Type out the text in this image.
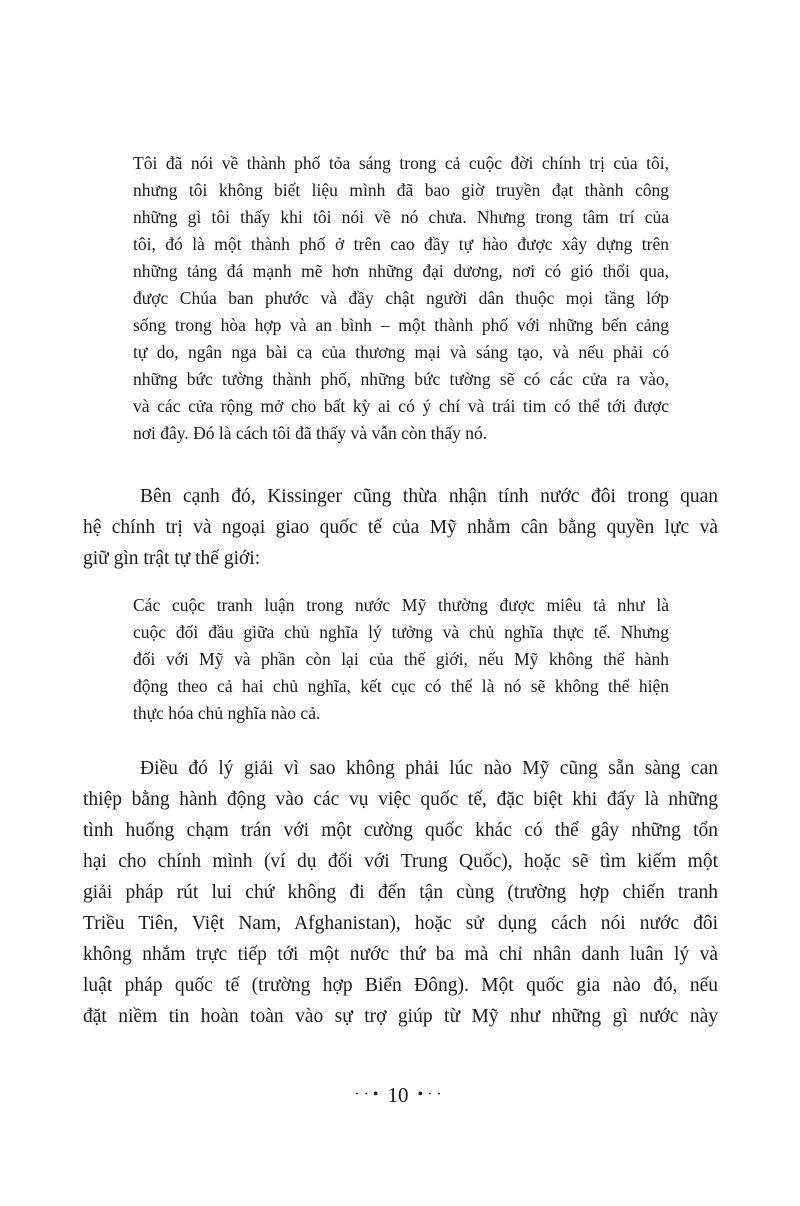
Tôi đã nói về thành phố tỏa sáng trong cả cuộc đời chính trị của tôi,
nhưng tôi không biết liệu mình đã bao giờ truyền đạt thành công
những gì tôi thấy khi tôi nói về nó chưa. Nhưng trong tâm trí của
tôi, đó là một thành phố ở trên cao đầy tự hào được xây dựng trên
những tảng đá mạnh mẽ hơn những đại dương, nơi có gió thổi qua,
được Chúa ban phước và đầy chật người dân thuộc mọi tầng lớp
sống trong hòa hợp và an bình – một thành phố với những bến cảng
tự do, ngân nga bài ca của thương mại và sáng tạo, và nếu phải có
những bức tường thành phố, những bức tường sẽ có các cửa ra vào,
và các cửa rộng mở cho bất kỳ ai có ý chí và trái tim có thể tới được
nơi đây. Đó là cách tôi đã thấy và vẫn còn thấy nó.

Bên cạnh đó, Kissinger cũng thừa nhận tính nước đôi trong quan
hệ chính trị và ngoại giao quốc tế của Mỹ nhằm cân bằng quyền lực và
giữ gìn trật tự thế giới:

Các cuộc tranh luận trong nước Mỹ thường được miêu tả như là
cuộc đối đầu giữa chủ nghĩa lý tưởng và chủ nghĩa thực tế. Nhưng
đối với Mỹ và phần còn lại của thế giới, nếu Mỹ không thể hành
động theo cả hai chủ nghĩa, kết cục có thể là nó sẽ không thể hiện
thực hóa chủ nghĩa nào cả.

Điều đó lý giải vì sao không phải lúc nào Mỹ cũng sẵn sàng can
thiệp bằng hành động vào các vụ việc quốc tế, đặc biệt khi đấy là những
tình huống chạm trán với một cường quốc khác có thể gây những tổn
hại cho chính mình (ví dụ đối với Trung Quốc), hoặc sẽ tìm kiếm một
giải pháp rút lui chứ không đi đến tận cùng (trường hợp chiến tranh
Triều Tiên, Việt Nam, Afghanistan), hoặc sử dụng cách nói nước đôi
không nhắm trực tiếp tới một nước thứ ba mà chỉ nhân danh luân lý và
luật pháp quốc tế (trường hợp Biển Đông). Một quốc gia nào đó, nếu
đặt niềm tin hoàn toàn vào sự trợ giúp từ Mỹ như những gì nước này

··• 10 •··
